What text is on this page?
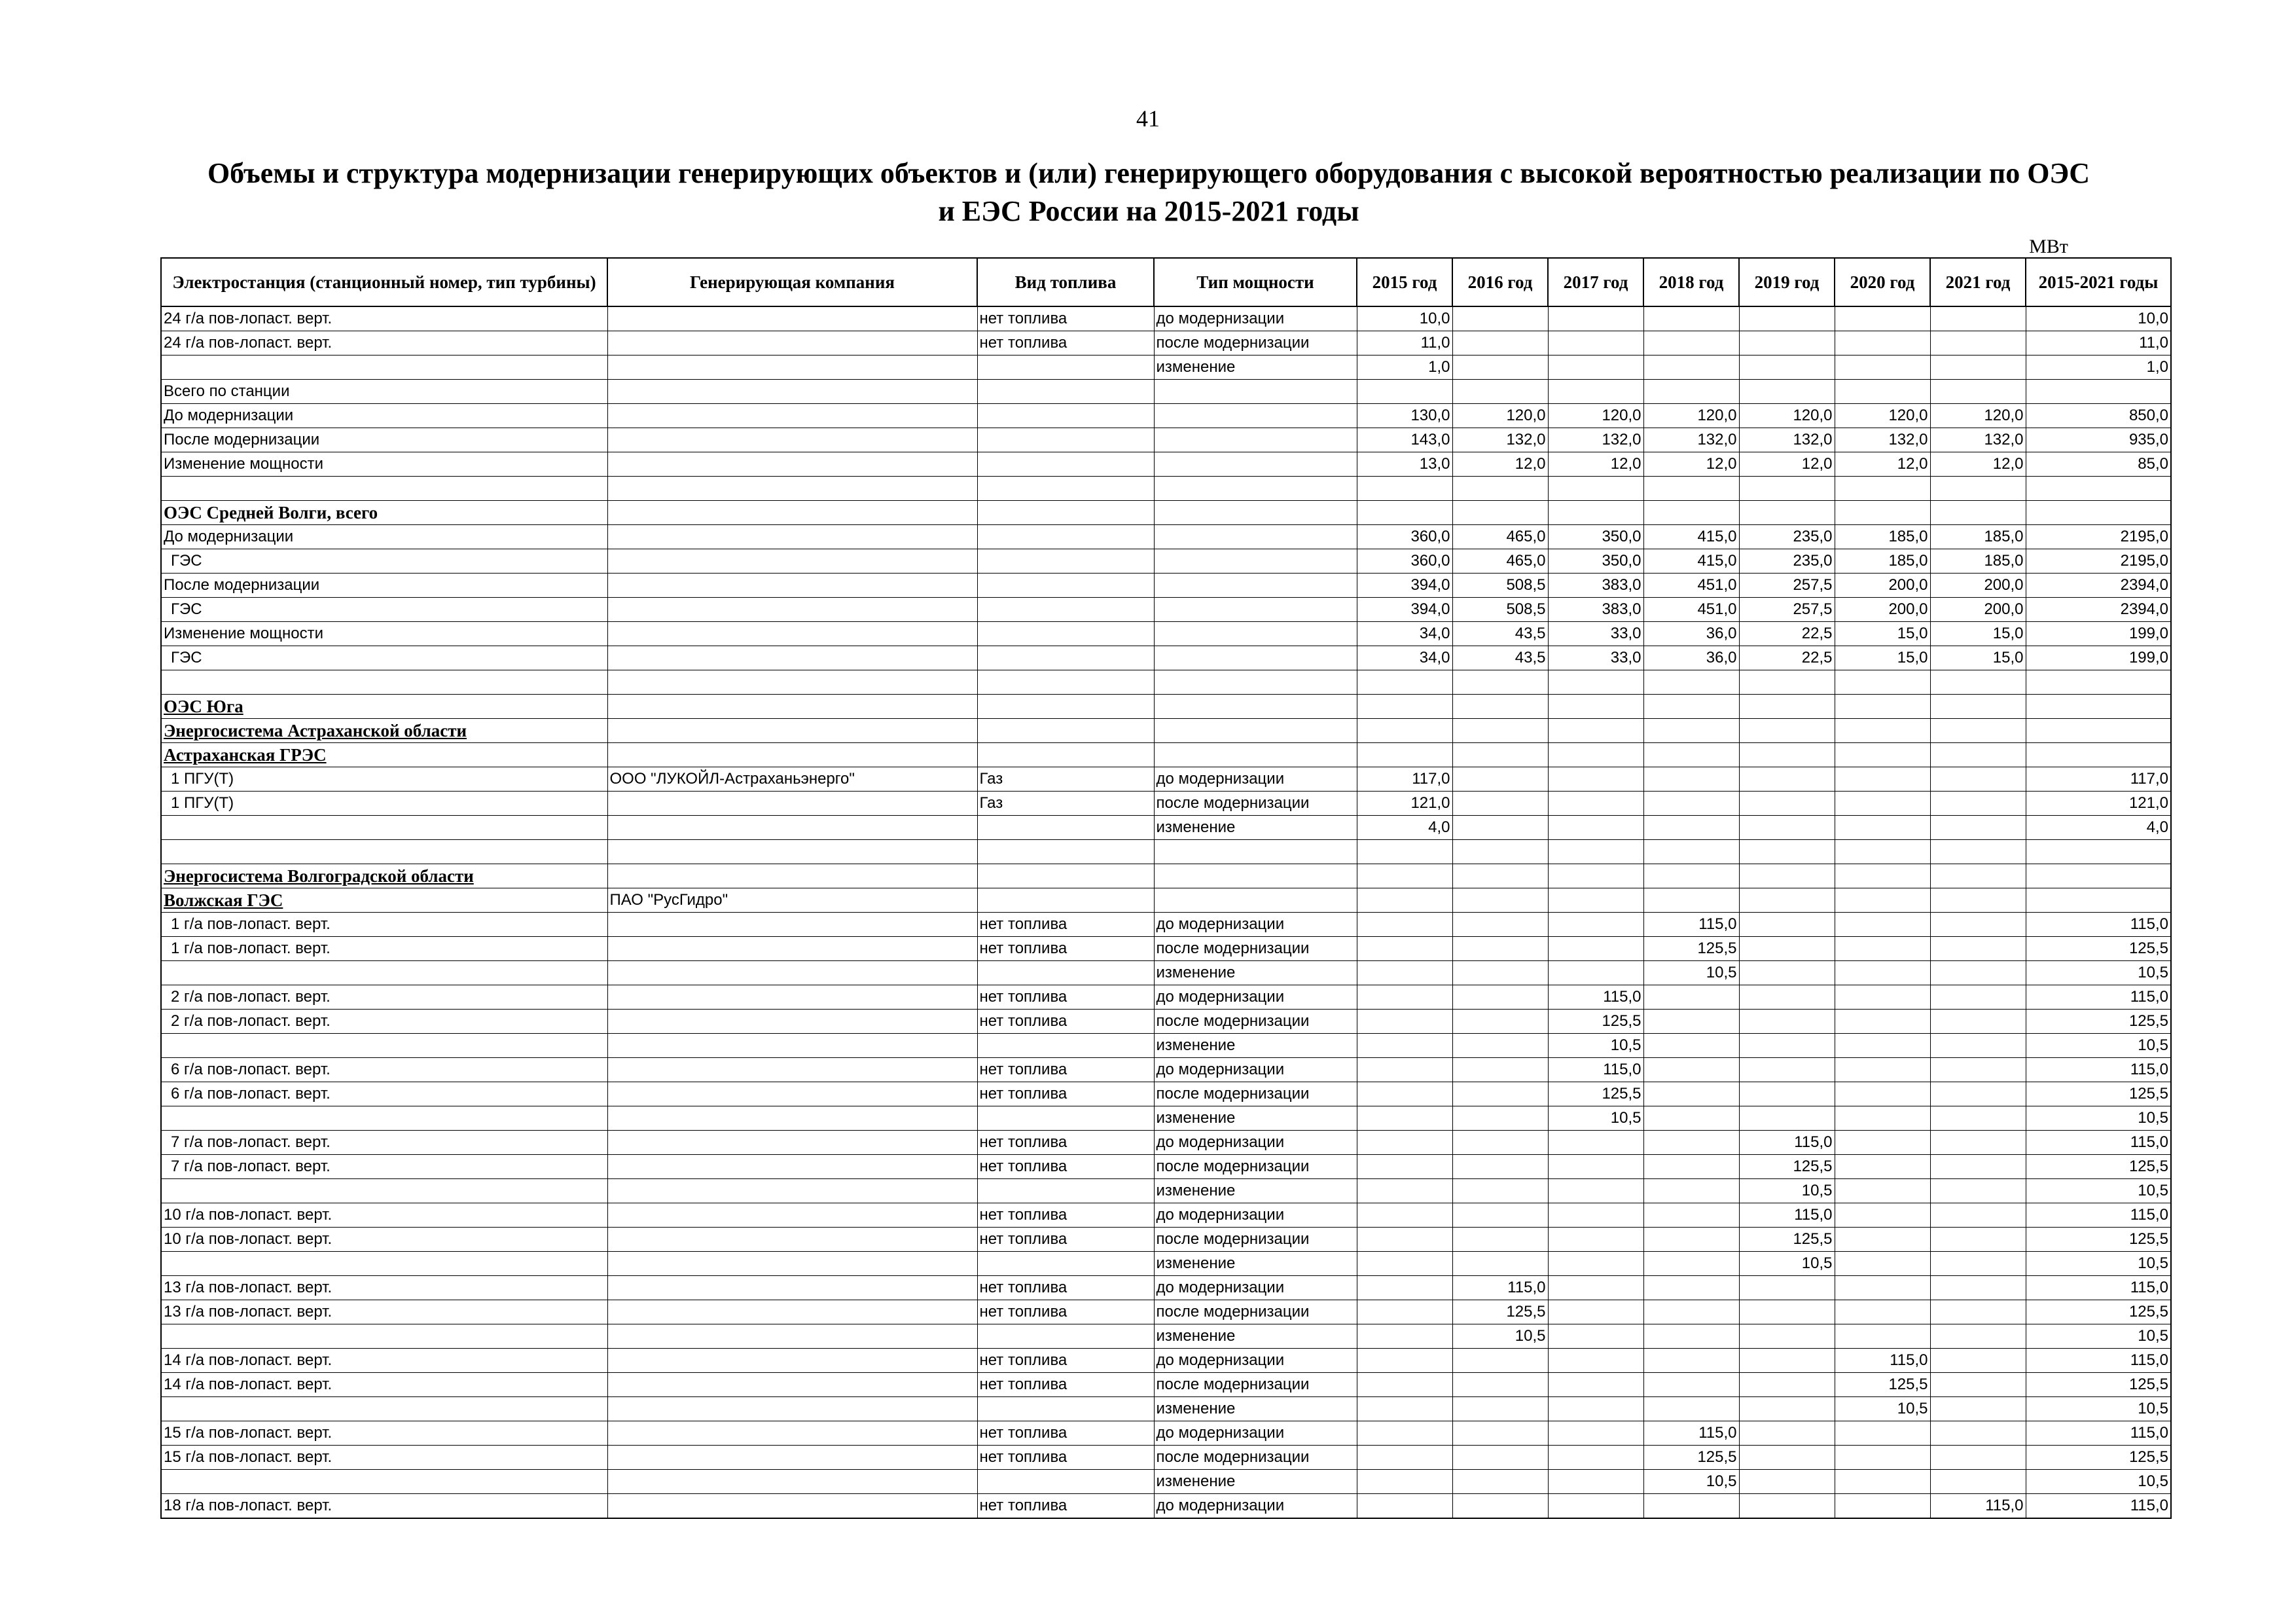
41
Объемы и структура модернизации генерирующих объектов и (или) генерирующего оборудования с высокой вероятностью реализации по ОЭС
и ЕЭС России на 2015-2021 годы
МВт
Электростанция (станционный номер, тип турбины)	Генерирующая компания	Вид топлива	Тип мощности	2015 год	2016 год	2017 год	2018 год	2019 год	2020 год	2021 год	2015-2021 годы
24 г/а пов-лопаст. верт.		нет топлива	до модернизации	10,0							10,0
24 г/а пов-лопаст. верт.		нет топлива	после модернизации	11,0							11,0
			изменение	1,0							1,0
Всего по станции											
До модернизации				130,0	120,0	120,0	120,0	120,0	120,0	120,0	850,0
После модернизации				143,0	132,0	132,0	132,0	132,0	132,0	132,0	935,0
Изменение мощности				13,0	12,0	12,0	12,0	12,0	12,0	12,0	85,0

ОЭС Средней Волги, всего											
До модернизации				360,0	465,0	350,0	415,0	235,0	185,0	185,0	2195,0
ГЭС				360,0	465,0	350,0	415,0	235,0	185,0	185,0	2195,0
После модернизации				394,0	508,5	383,0	451,0	257,5	200,0	200,0	2394,0
ГЭС				394,0	508,5	383,0	451,0	257,5	200,0	200,0	2394,0
Изменение мощности				34,0	43,5	33,0	36,0	22,5	15,0	15,0	199,0
ГЭС				34,0	43,5	33,0	36,0	22,5	15,0	15,0	199,0

ОЭС Юга											
Энергосистема Астраханской области											
Астраханская ГРЭС											
1 ПГУ(Т)	ООО "ЛУКОЙЛ-Астраханьэнерго"	Газ	до модернизации	117,0							117,0
1 ПГУ(Т)		Газ	после модернизации	121,0							121,0
			изменение	4,0							4,0

Энергосистема Волгоградской области											
Волжская ГЭС	ПАО "РусГидро"										
1 г/а пов-лопаст. верт.		нет топлива	до модернизации				115,0				115,0
1 г/а пов-лопаст. верт.		нет топлива	после модернизации				125,5				125,5
			изменение				10,5				10,5
2 г/а пов-лопаст. верт.		нет топлива	до модернизации			115,0					115,0
2 г/а пов-лопаст. верт.		нет топлива	после модернизации			125,5					125,5
			изменение			10,5					10,5
6 г/а пов-лопаст. верт.		нет топлива	до модернизации			115,0					115,0
6 г/а пов-лопаст. верт.		нет топлива	после модернизации			125,5					125,5
			изменение			10,5					10,5
7 г/а пов-лопаст. верт.		нет топлива	до модернизации					115,0			115,0
7 г/а пов-лопаст. верт.		нет топлива	после модернизации					125,5			125,5
			изменение					10,5			10,5
10 г/а пов-лопаст. верт.		нет топлива	до модернизации					115,0			115,0
10 г/а пов-лопаст. верт.		нет топлива	после модернизации					125,5			125,5
			изменение					10,5			10,5
13 г/а пов-лопаст. верт.		нет топлива	до модернизации		115,0						115,0
13 г/а пов-лопаст. верт.		нет топлива	после модернизации		125,5						125,5
			изменение		10,5						10,5
14 г/а пов-лопаст. верт.		нет топлива	до модернизации						115,0		115,0
14 г/а пов-лопаст. верт.		нет топлива	после модернизации						125,5		125,5
			изменение						10,5		10,5
15 г/а пов-лопаст. верт.		нет топлива	до модернизации				115,0				115,0
15 г/а пов-лопаст. верт.		нет топлива	после модернизации				125,5				125,5
			изменение				10,5				10,5
18 г/а пов-лопаст. верт.		нет топлива	до модернизации							115,0	115,0
